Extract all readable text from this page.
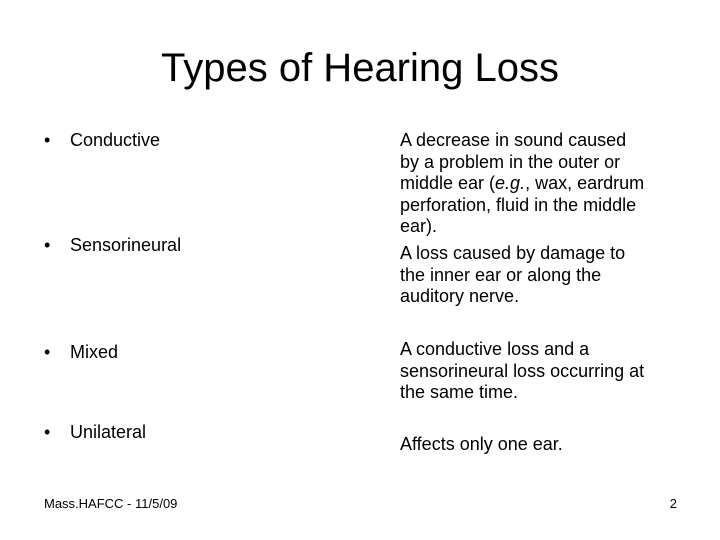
Types of Hearing Loss
• Conductive
• Sensorineural
• Mixed
• Unilateral
A decrease in sound caused
by a problem in the outer or
middle ear (e.g., wax, eardrum
perforation, fluid in the middle
ear).
A loss caused by damage to
the inner ear or along the
auditory nerve.
A conductive loss and a
sensorineural loss occurring at
the same time.
Affects only one ear.
Mass.HAFCC - 11/5/09	2
